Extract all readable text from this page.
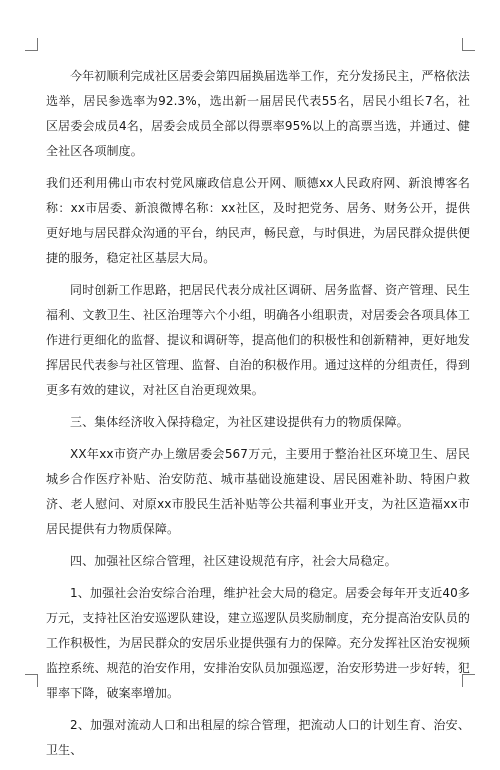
今年初顺利完成社区居委会第四届换届选举工作，充分发扬民主，严格依法选举，居民参选率为92.3%，选出新一届居民代表55名，居民小组长7名，社区居委会成员4名，居委会成员全部以得票率95%以上的高票当选，并通过、健全社区各项制度。

我们还利用佛山市农村党风廉政信息公开网、顺德xx人民政府网、新浪博客名称：xx市居委、新浪微博名称：xx社区，及时把党务、居务、财务公开，提供更好地与居民群众沟通的平台，纳民声，畅民意，与时俱进，为居民群众提供便捷的服务，稳定社区基层大局。

同时创新工作思路，把居民代表分成社区调研、居务监督、资产管理、民生福利、文教卫生、社区治理等六个小组，明确各小组职责，对居委会各项具体工作进行更细化的监督、提议和调研等，提高他们的积极性和创新精神，更好地发挥居民代表参与社区管理、监督、自治的积极作用。通过这样的分组责任，得到更多有效的建议，对社区自治更现效果。

三、集体经济收入保持稳定，为社区建设提供有力的物质保障。

XX年xx市资产办上缴居委会567万元，主要用于整治社区环境卫生、居民城乡合作医疗补贴、治安防范、城市基础设施建设、居民困难补助、特困户救济、老人慰问、对原xx市股民生活补贴等公共福利事业开支，为社区造福xx市居民提供有力物质保障。

四、加强社区综合管理，社区建设规范有序，社会大局稳定。

1、加强社会治安综合治理，维护社会大局的稳定。居委会每年开支近40多万元，支持社区治安巡逻队建设，建立巡逻队员奖励制度，充分提高治安队员的工作积极性，为居民群众的安居乐业提供强有力的保障。充分发挥社区治安视频监控系统、规范的治安作用，安排治安队员加强巡逻，治安形势进一步好转，犯罪率下降，破案率增加。

2、加强对流动人口和出租屋的综合管理，把流动人口的计划生育、治安、卫生、
